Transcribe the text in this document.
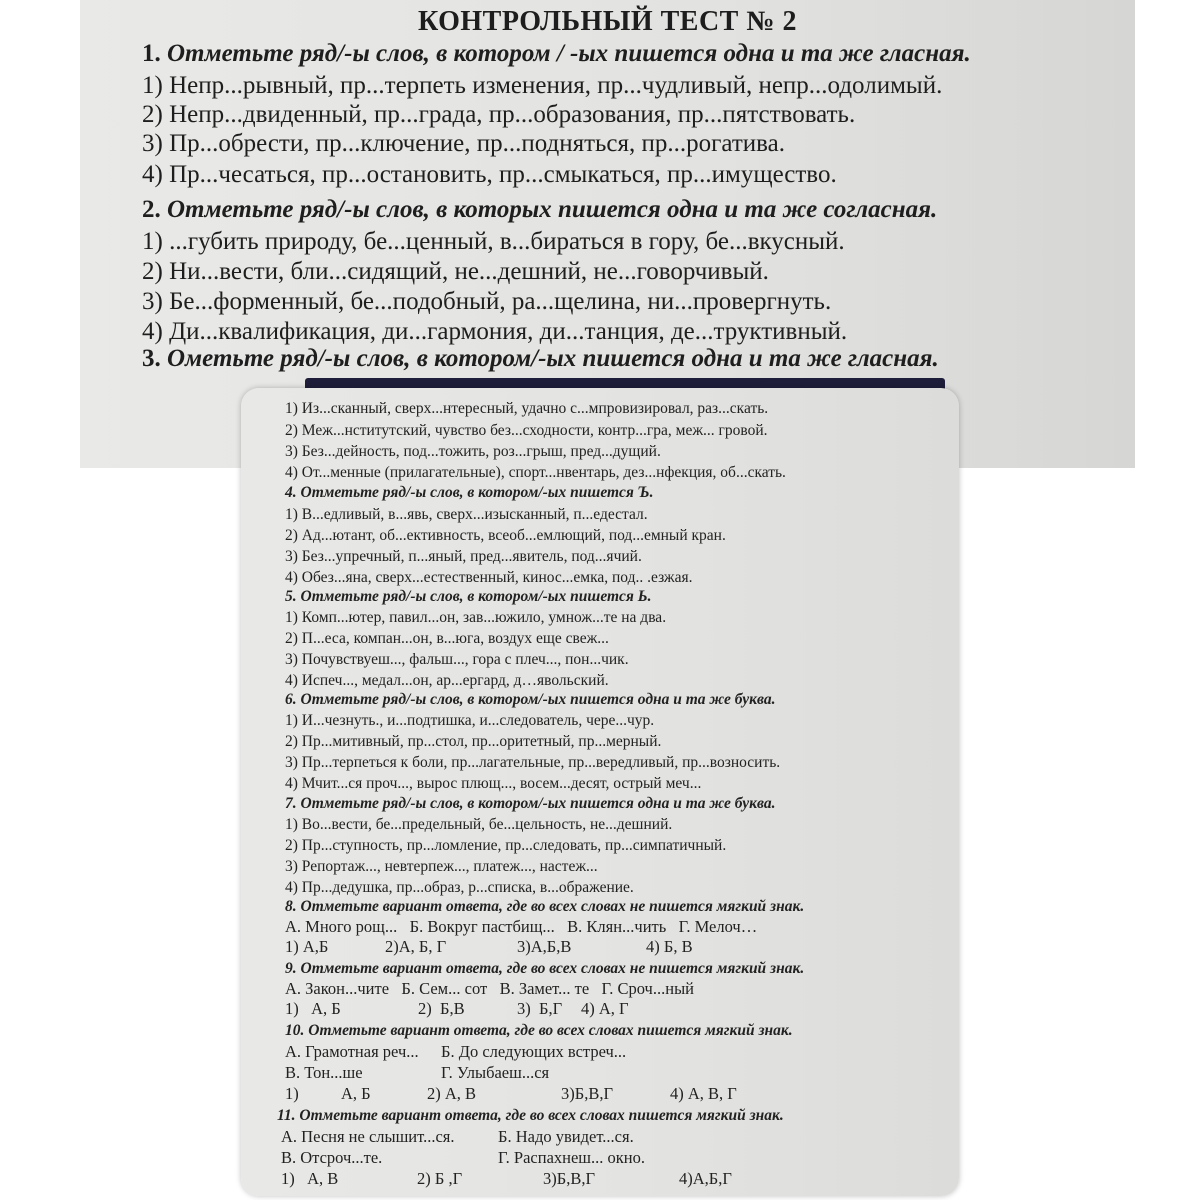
КОНТРОЛЬНЫЙ ТЕСТ № 2
1. Отметьте ряд/-ы слов, в котором / -ых пишется одна и та же гласная.
1) Непр...рывный, пр...терпеть изменения, пр...чудливый, непр...одолимый.
2) Непр...двиденный, пр...града, пр...образования, пр...пятствовать.
3) Пр...обрести, пр...ключение, пр...подняться, пр...рогатива.
4) Пр...чесаться, пр...остановить, пр...смыкаться, пр...имущество.
2. Отметьте ряд/-ы слов, в которых пишется одна и та же согласная.
1) ...губить природу, бе...ценный, в...бираться в гору, бе...вкусный.
2) Ни...вести, бли...сидящий, не...дешний, не...говорчивый.
3) Бе...форменный, бе...подобный, ра...щелина, ни...провергнуть.
4) Ди...квалификация, ди...гармония, ди...танция, де...труктивный.
3. Ометьте ряд/-ы слов, в котором/-ых пишется одна и та же гласная.
1) Из...сканный, сверх...нтересный, удачно с...мпровизировал, раз...скать.
2) Меж...нститутский, чувство без...сходности, контр...гра, меж... гровой.
3) Без...дейность, под...тожить, роз...грыш, пред...дущий.
4) От...менные (прилагательные), спорт...нвентарь, дез...нфекция, об...скать.
4. Отметьте ряд/-ы слов, в котором/-ых пишется Ъ.
1) В...едливый, в...явь, сверх...изысканный, п...едестал.
2) Ад...ютант, об...ективность, всеоб...емлющий, под...емный кран.
3) Без...упречный, п...яный, пред...явитель, под...ячий.
4) Обез...яна, сверх...естественный, кинос...емка, под.. .езжая.
5. Отметьте ряд/-ы слов, в котором/-ых пишется Ь.
1) Комп...ютер, павил...он, зав...южило, умнож...те на два.
2) П...еса, компан...он, в...юга, воздух еще свеж...
3) Почувствуеш..., фальш..., гора с плеч..., пон...чик.
4) Испеч..., медал...он, ар...ергард, д…явольский.
6. Отметьте ряд/-ы слов, в котором/-ых пишется одна и та же буква.
1) И...чезнуть., и...подтишка, и...следователь, чере...чур.
2) Пр...митивный, пр...стол, пр...оритетный, пр...мерный.
3) Пр...терпеться к боли, пр...лагательные, пр...вередливый, пр...возносить.
4) Мчит...ся проч..., вырос плющ..., восем...десят, острый меч...
7. Отметьте ряд/-ы слов, в котором/-ых пишется одна и та же буква.
1) Во...вести, бе...предельный, бе...цельность, не...дешний.
2) Пр...ступность, пр...ломление, пр...следовать, пр...симпатичный.
3) Репортаж..., невтерпеж..., платеж..., настеж...
4) Пр...дедушка, пр...образ, р...списка, в...ображение.
8. Отметьте вариант ответа, где во всех словах не пишется мягкий знак.
А. Много рощ...   Б. Вокруг пастбищ...   В. Клян...чить   Г. Мелоч…
1) А,Б	2)А, Б, Г	3)А,Б,В	4) Б, В
9. Отметьте вариант ответа, где во всех словах не пишется мягкий знак.
А. Закон...чите   Б. Сем... сот   В. Замет... те   Г. Сроч...ный
1)   А, Б	2)  Б,В	3)  Б,Г 4) А, Г
10. Отметьте вариант ответа, где во всех словах пишется мягкий знак.
А. Грамотная реч... Б. До следующих встреч...
В. Тон...ше	Г. Улыбаеш...ся
1)	А, Б	2) А, В	3)Б,В,Г	4) А, В, Г
11. Отметьте вариант ответа, где во всех словах пишется мягкий знак.
А. Песня не слышит...ся.	Б. Надо увидет...ся.
В. Отсроч...те.	Г. Распахнеш... окно.
1)   А, В	2) Б ,Г	3)Б,В,Г	4)А,Б,Г
